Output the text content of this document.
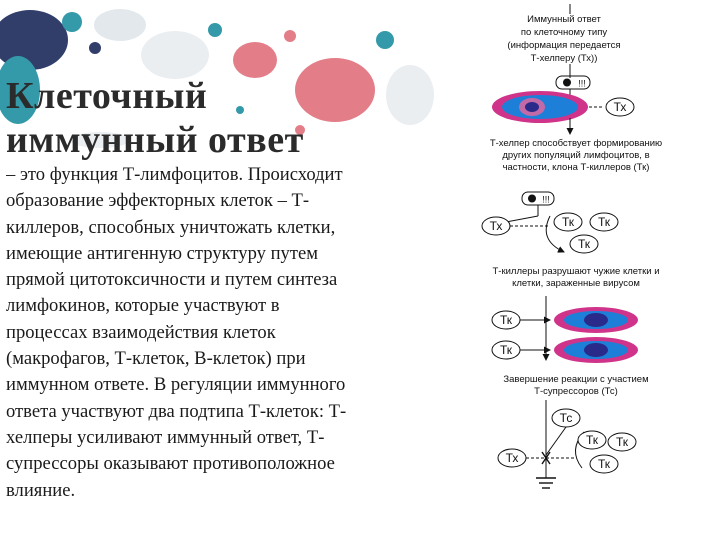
Клеточный
иммунный ответ

– это функция Т-лимфоцитов. Происходит
образование эффекторных клеток – Т-
киллеров, способных уничтожать клетки,
имеющие антигенную структуру путем
прямой цитотоксичности и путем синтеза
лимфокинов, которые участвуют в
процессах взаимодействия клеток
(макрофагов, Т-клеток, В-клеток) при
иммунном ответе. В регуляции иммунного
ответа участвуют два подтипа Т-клеток: Т-
хелперы усиливают иммунный ответ, Т-
супрессоры оказывают противоположное
влияние.

Иммунный ответ
по клеточному типу
(информация передается
Т-хелперу (Тх))
!!!
Тх
Т-хелпер способствует формированию
других популяций лимфоцитов, в
частности, клона Т-киллеров (Тк)
!!!
Тх	Тк Тк
Тк
Т-киллеры разрушают чужие клетки и
клетки, зараженные вирусом
Тк
Тк
Завершение реакции с участием
Т-супрессоров (Тс)
Тс
Тк Тк
Тк
Тх
